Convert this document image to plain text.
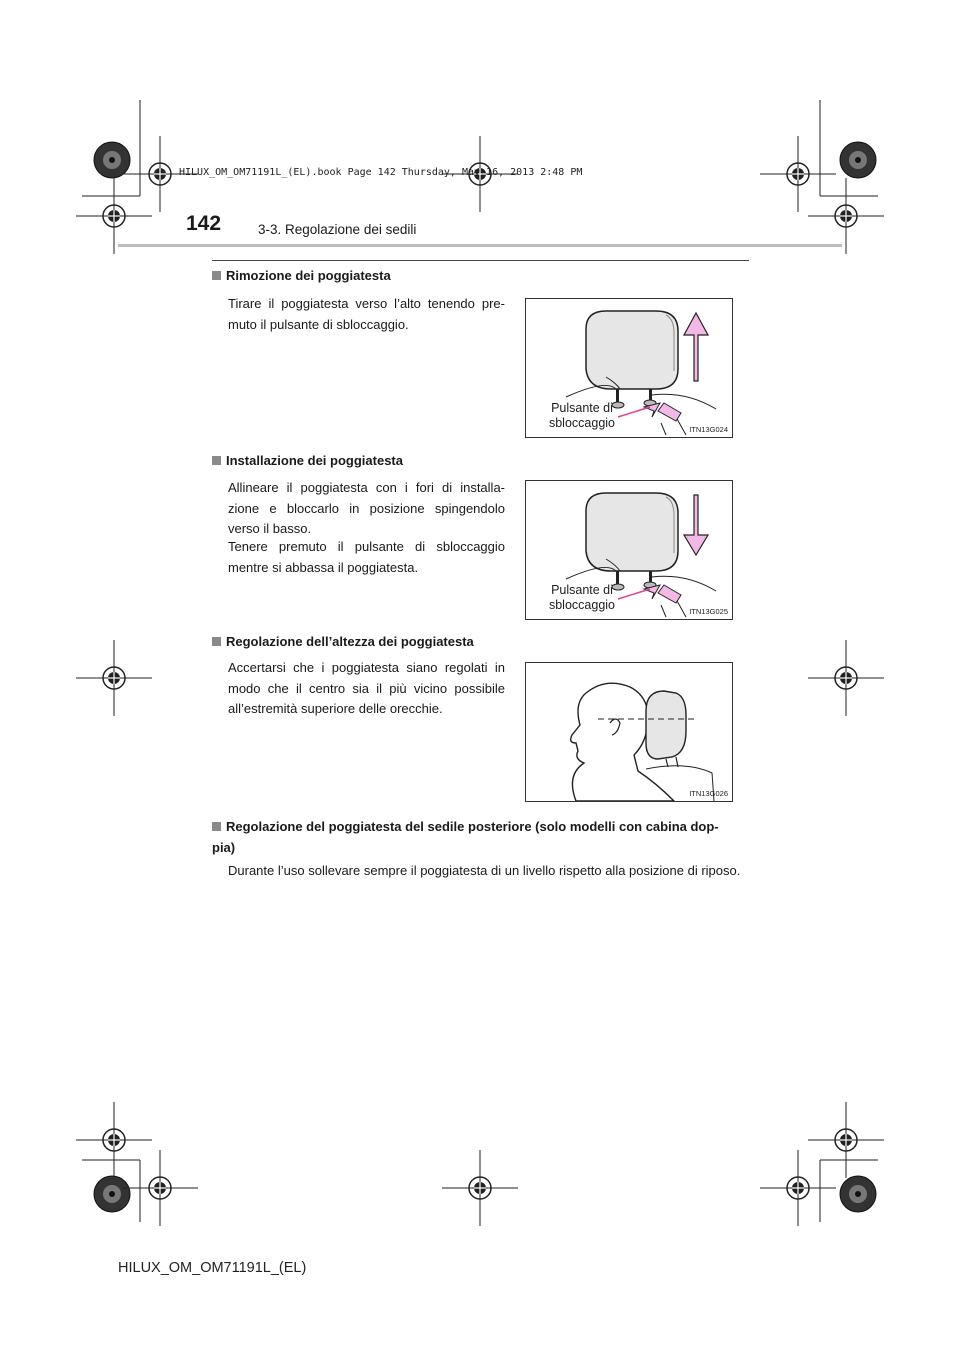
HILUX_OM_OM71191L_(EL).book Page 142 Thursday, May 16, 2013 2:48 PM
142	3-3. Regolazione dei sedili
Rimozione dei poggiatesta
Tirare il poggiatesta verso l’alto tenendo pre- muto il pulsante di sbloccaggio.
Pulsante di
sbloccaggio	ITN13G024
Installazione dei poggiatesta
Allineare il poggiatesta con i fori di installa- zione e bloccarlo in posizione spingendolo verso il basso.
Tenere premuto il pulsante di sbloccaggio mentre si abbassa il poggiatesta.
Pulsante di
sbloccaggio	ITN13G025
Regolazione dell’altezza dei poggiatesta
Accertarsi che i poggiatesta siano regolati in modo che il centro sia il più vicino possibile all’estremità superiore delle orecchie.
ITN13G026
Regolazione del poggiatesta del sedile posteriore (solo modelli con cabina dop- pia)
Durante l’uso sollevare sempre il poggiatesta di un livello rispetto alla posizione di riposo.
HILUX_OM_OM71191L_(EL)
